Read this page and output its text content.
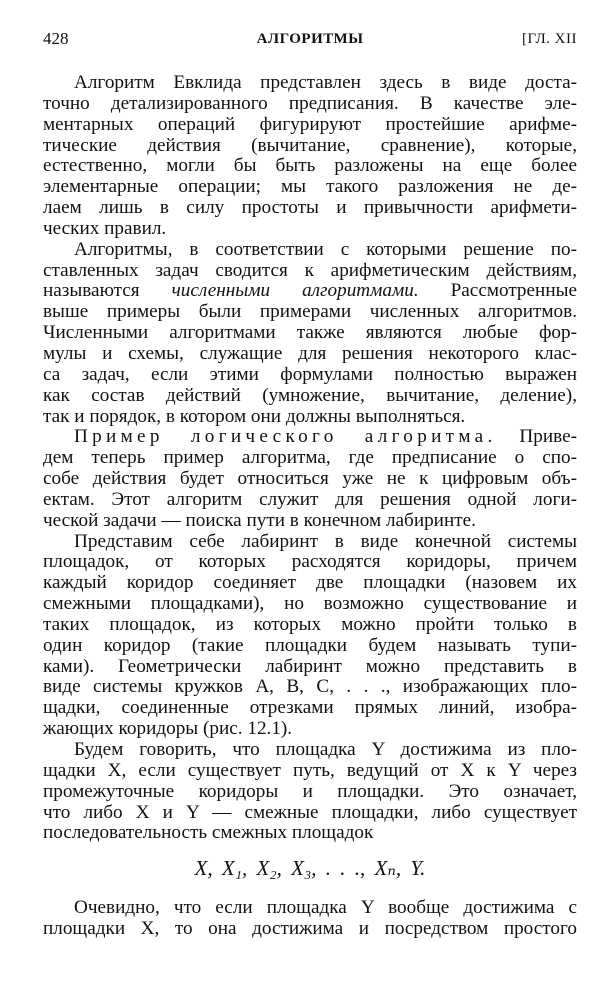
428	АЛГОРИТМЫ	[ГЛ. XII
Алгоритм Евклида представлен здесь в виде доста-
точно детализированного предписания. В качестве эле-
ментарных операций фигурируют простейшие арифме-
тические действия (вычитание, сравнение), которые,
естественно, могли бы быть разложены на еще более
элементарные операции; мы такого разложения не де-
лаем лишь в силу простоты и привычности арифмети-
ческих правил.
Алгоритмы, в соответствии с которыми решение по-
ставленных задач сводится к арифметическим действиям,
называются численными алгоритмами. Рассмотренные
выше примеры были примерами численных алгоритмов.
Численными алгоритмами также являются любые фор-
мулы и схемы, служащие для решения некоторого клас-
са задач, если этими формулами полностью выражен
как состав действий (умножение, вычитание, деление),
так и порядок, в котором они должны выполняться.
Пример логического алгоритма. Приве-
дем теперь пример алгоритма, где предписание о спо-
собе действия будет относиться уже не к цифровым объ-
ектам. Этот алгоритм служит для решения одной логи-
ческой задачи — поиска пути в конечном лабиринте.
Представим себе лабиринт в виде конечной системы
площадок, от которых расходятся коридоры, причем
каждый коридор соединяет две площадки (назовем их
смежными площадками), но возможно существование и
таких площадок, из которых можно пройти только в
один коридор (такие площадки будем называть тупи-
ками). Геометрически лабиринт можно представить в
виде системы кружков A, B, C, . . ., изображающих пло-
щадки, соединенные отрезками прямых линий, изобра-
жающих коридоры (рис. 12.1).
Будем говорить, что площадка Y достижима из пло-
щадки X, если существует путь, ведущий от X к Y через
промежуточные коридоры и площадки. Это означает,
что либо X и Y — смежные площадки, либо существует
последовательность смежных площадок
X, X₁, X₂, X₃, . . ., Xₙ, Y.
Очевидно, что если площадка Y вообще достижима с
площадки X, то она достижима и посредством простого
